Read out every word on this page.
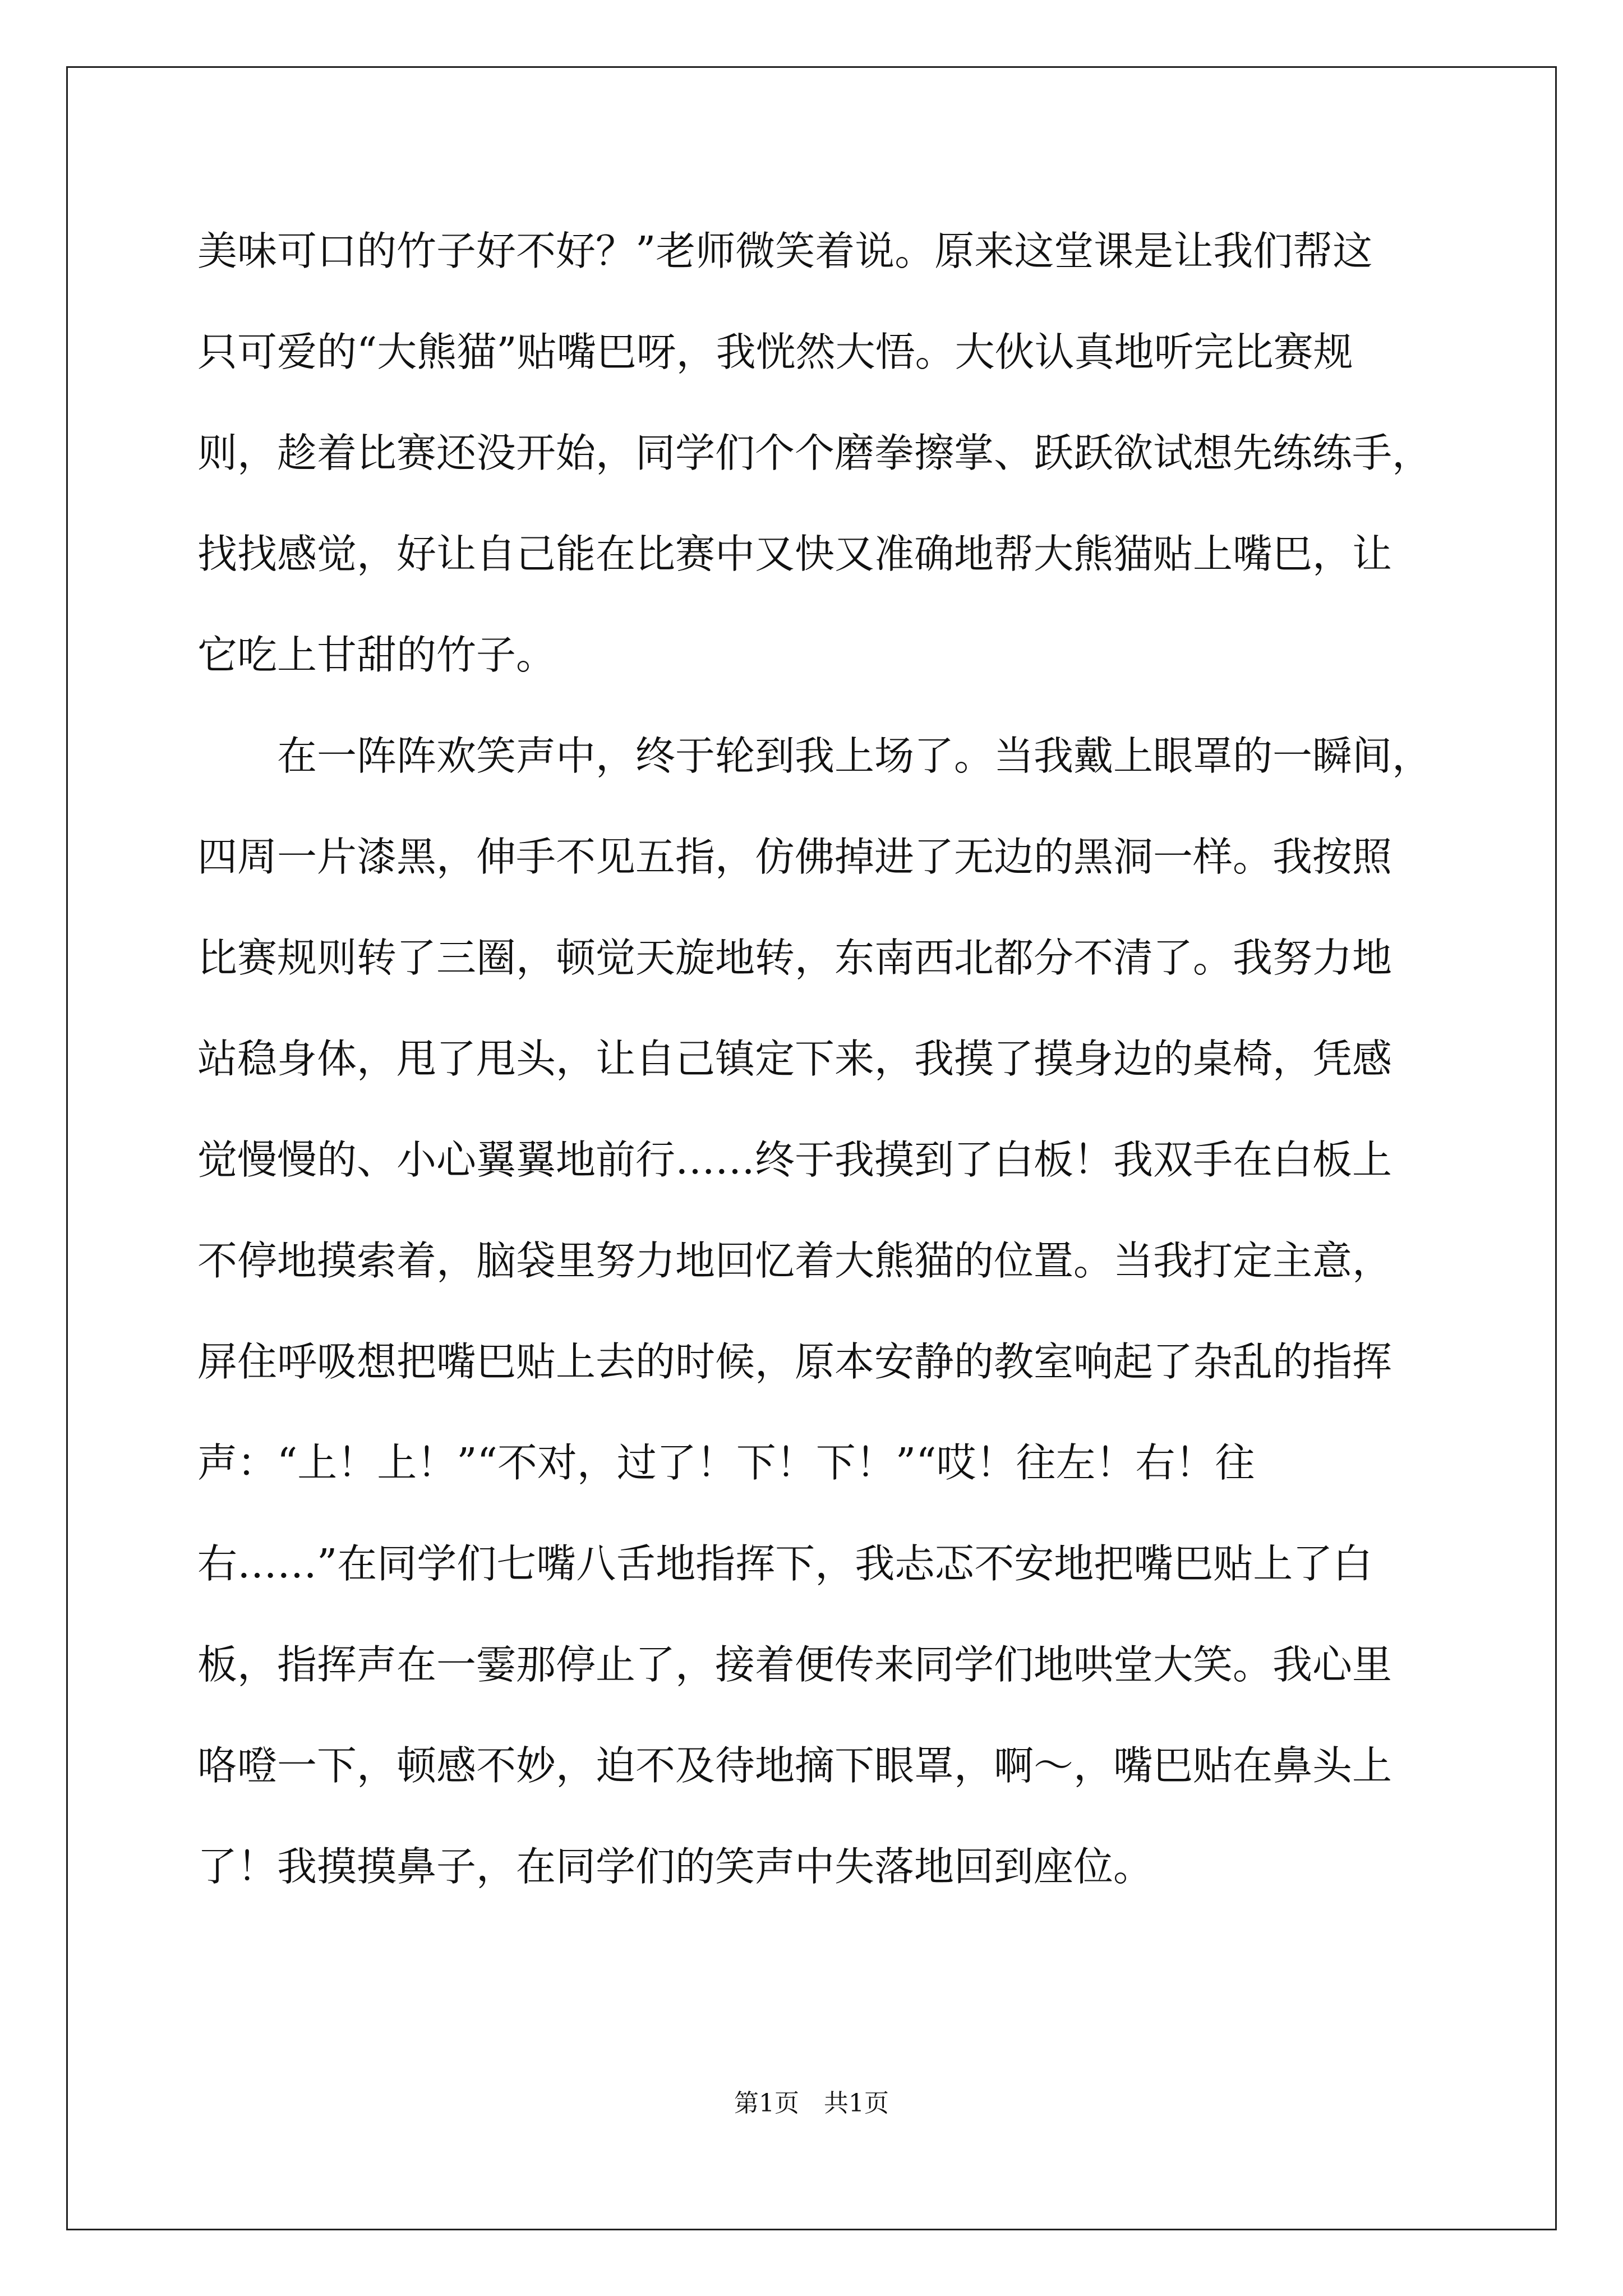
美味可口的竹子好不好？”老师微笑着说。原来这堂课是让我们帮这
只可爱的“大熊猫”贴嘴巴呀，我恍然大悟。大伙认真地听完比赛规
则，趁着比赛还没开始，同学们个个磨拳擦掌、跃跃欲试想先练练手，
找找感觉，好让自己能在比赛中又快又准确地帮大熊猫贴上嘴巴，让
它吃上甘甜的竹子。
　　在一阵阵欢笑声中，终于轮到我上场了。当我戴上眼罩的一瞬间，
四周一片漆黑，伸手不见五指，仿佛掉进了无边的黑洞一样。我按照
比赛规则转了三圈，顿觉天旋地转，东南西北都分不清了。我努力地
站稳身体，甩了甩头，让自己镇定下来，我摸了摸身边的桌椅，凭感
觉慢慢的、小心翼翼地前行……终于我摸到了白板！我双手在白板上
不停地摸索着，脑袋里努力地回忆着大熊猫的位置。当我打定主意，
屏住呼吸想把嘴巴贴上去的时候，原本安静的教室响起了杂乱的指挥
声：“上！上！”“不对，过了！下！下！”“哎！往左！右！往
右……”在同学们七嘴八舌地指挥下，我忐忑不安地把嘴巴贴上了白
板，指挥声在一霎那停止了，接着便传来同学们地哄堂大笑。我心里
咯噔一下，顿感不妙，迫不及待地摘下眼罩，啊～，嘴巴贴在鼻头上
了！我摸摸鼻子，在同学们的笑声中失落地回到座位。
第1页　共1页
